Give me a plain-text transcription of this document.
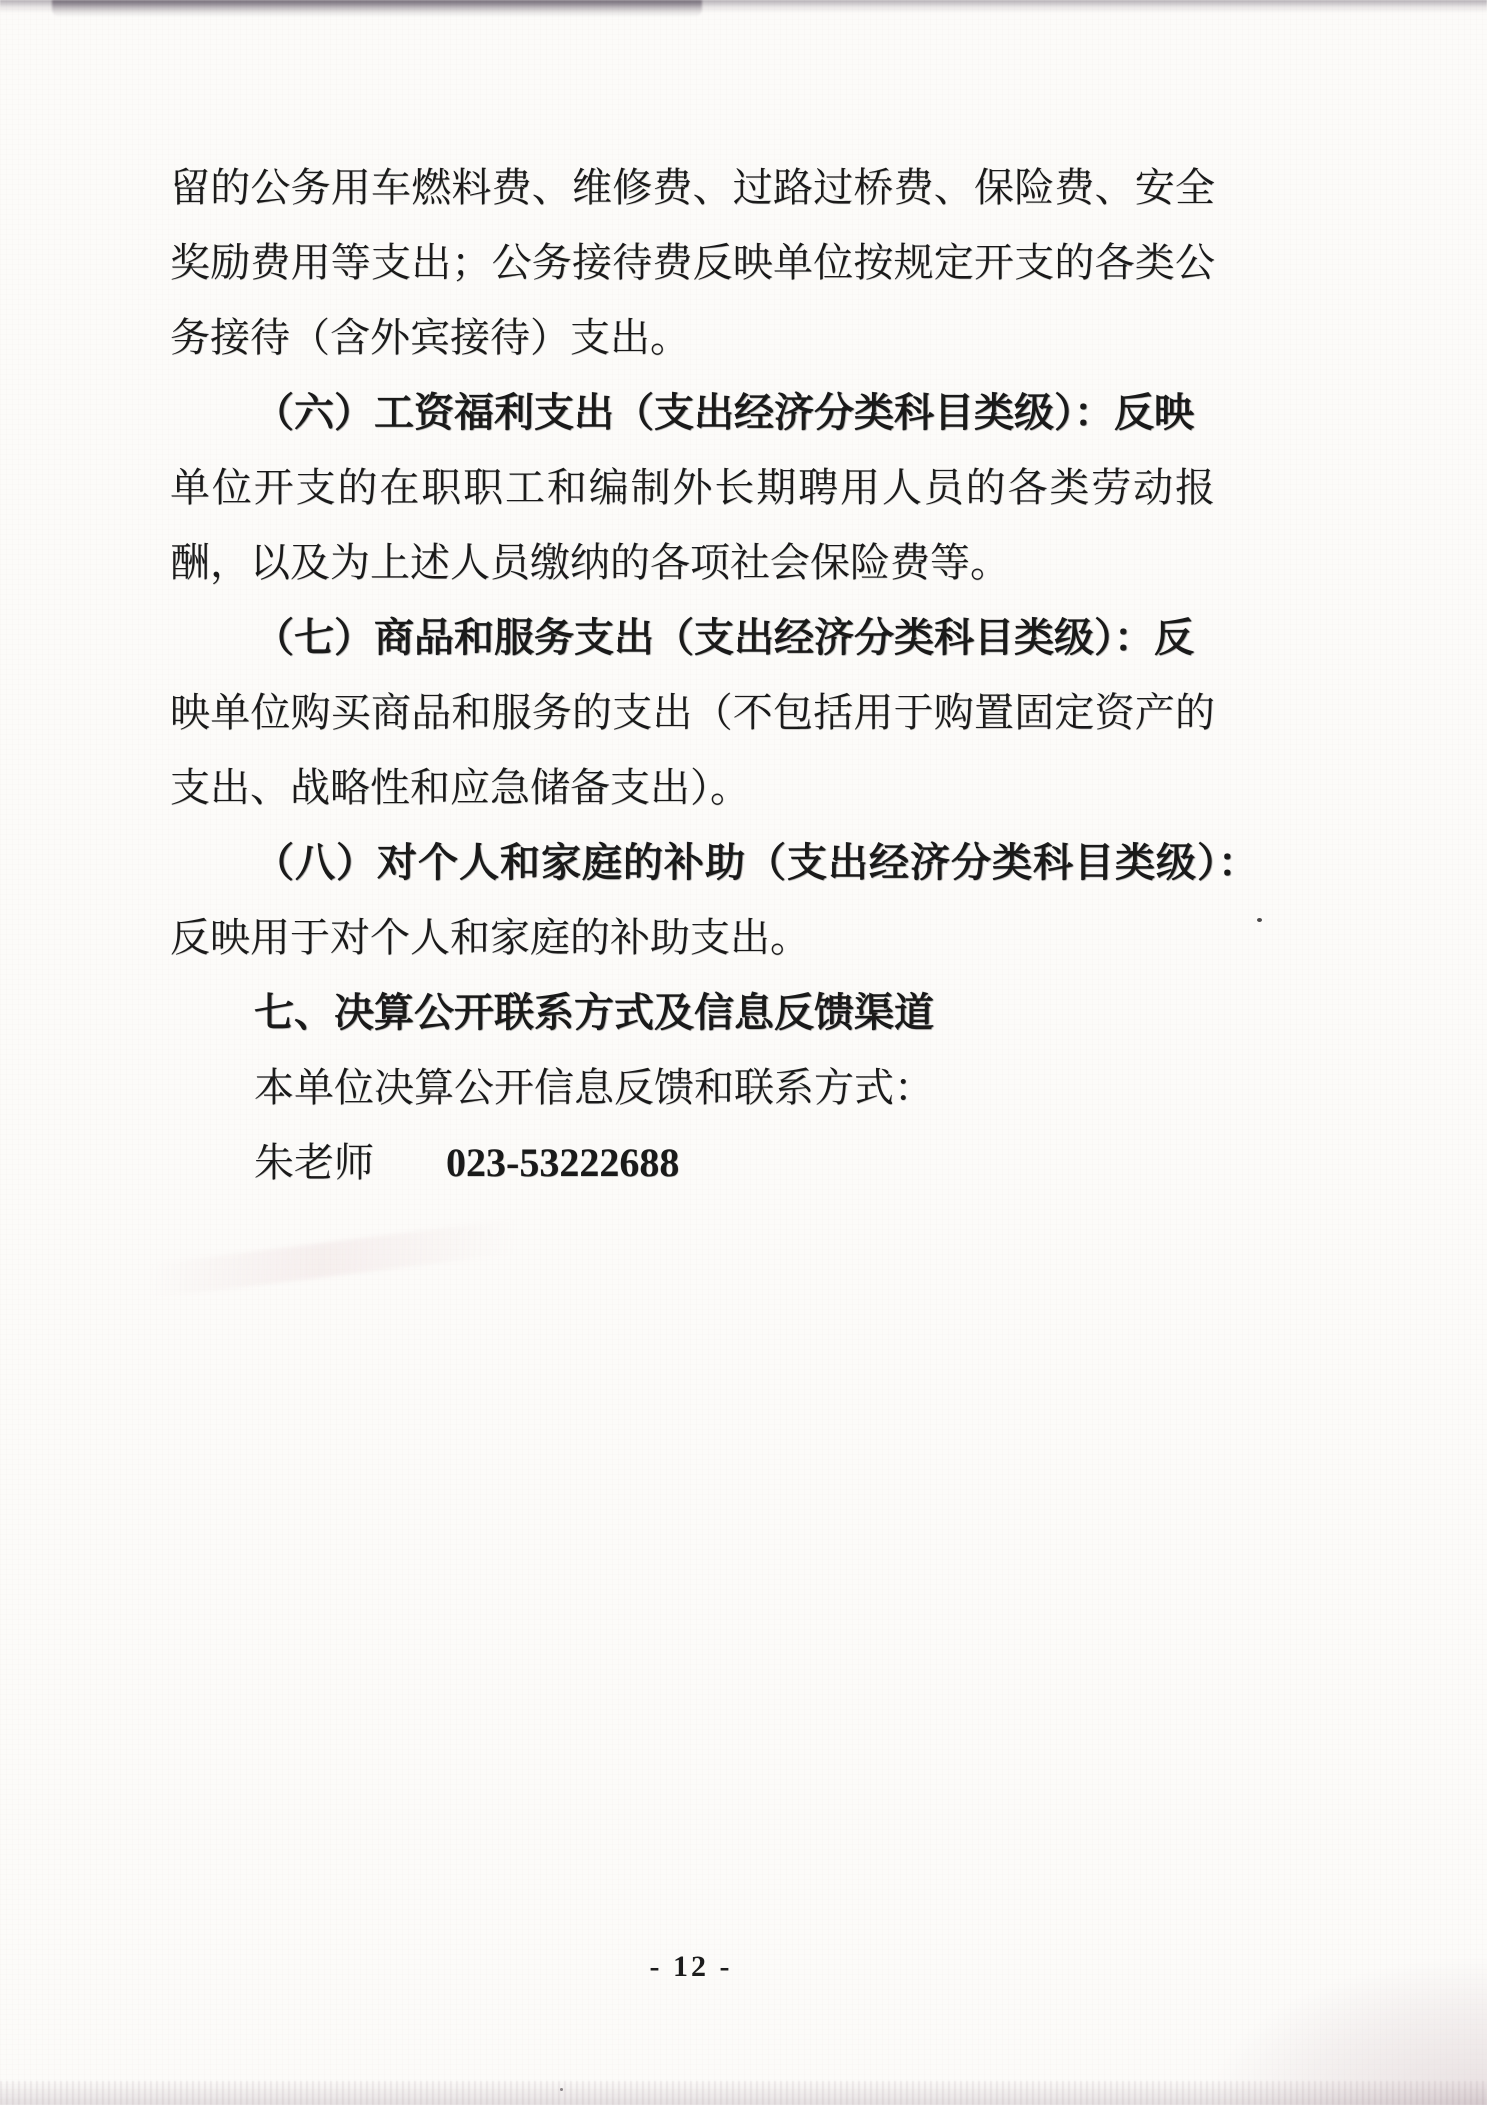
留的公务用车燃料费、维修费、过路过桥费、保险费、安全
奖励费用等支出；公务接待费反映单位按规定开支的各类公
务接待（含外宾接待）支出。
（六）工资福利支出（支出经济分类科目类级）：反映
单位开支的在职职工和编制外长期聘用人员的各类劳动报
酬，以及为上述人员缴纳的各项社会保险费等。
（七）商品和服务支出（支出经济分类科目类级）：反
映单位购买商品和服务的支出（不包括用于购置固定资产的
支出、战略性和应急储备支出）。
（八）对个人和家庭的补助（支出经济分类科目类级）：
反映用于对个人和家庭的补助支出。
七、决算公开联系方式及信息反馈渠道
本单位决算公开信息反馈和联系方式：
朱老师 023-53222688
- 12 -
